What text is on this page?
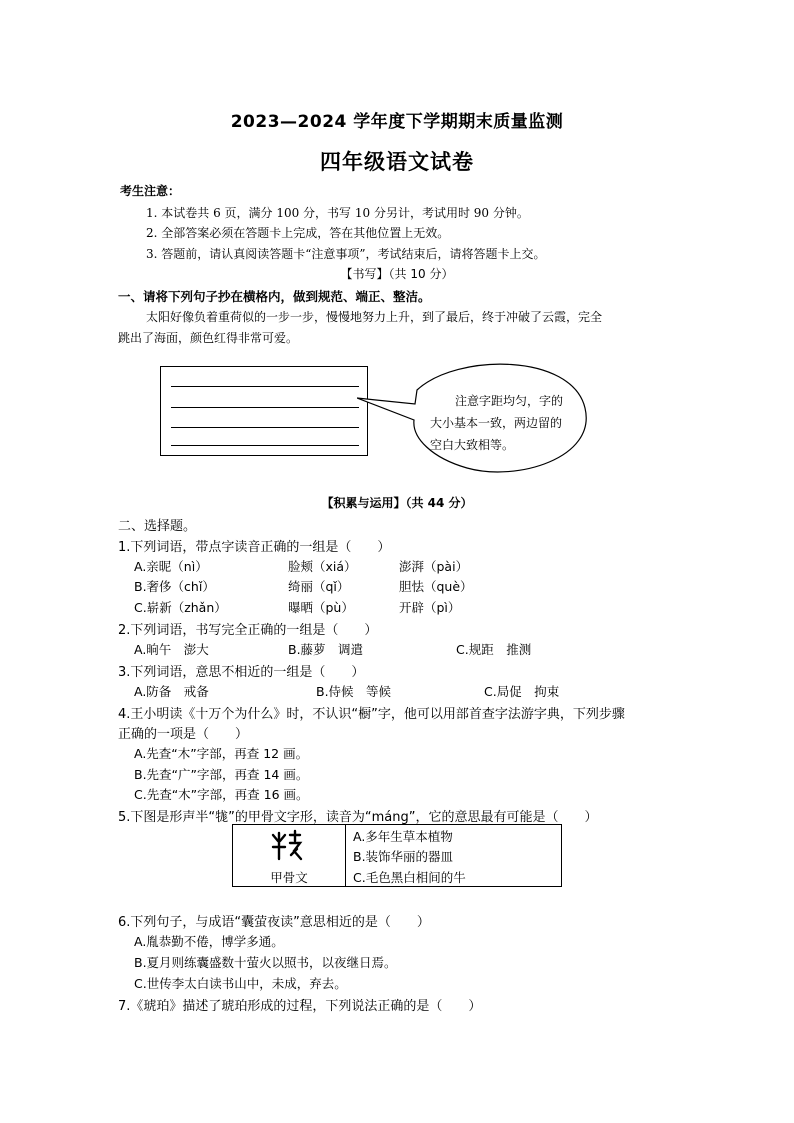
2023—2024 学年度下学期期末质量监测
四年级语文试卷
考生注意：
1. 本试卷共 6 页，满分 100 分，书写 10 分另计，考试用时 90 分钟。
2. 全部答案必须在答题卡上完成，答在其他位置上无效。
3. 答题前，请认真阅读答题卡“注意事项”，考试结束后，请将答题卡上交。
【书写】（共 10 分）
一、请将下列句子抄在横格内，做到规范、端正、整洁。
太阳好像负着重荷似的一步一步，慢慢地努力上升，到了最后，终于冲破了云霞，完全
跳出了海面，颜色红得非常可爱。
注意字距均匀，字的
大小基本一致，两边留的
空白大致相等。
【积累与运用】（共 44 分）
二、选择题。
1.下列词语，带点字读音正确的一组是（　　）
A.亲昵（nì）	脸颊（xiá）	澎湃（pài）
B.奢侈（chǐ）	绮丽（qǐ）	胆怯（què）
C.崭新（zhǎn）	曝晒（pù）	开辟（pì）
2.下列词语，书写完全正确的一组是（　　）
A.晌午　澎大	B.藤萝　调遣	C.规距　推测
3.下列词语，意思不相近的一组是（　　）
A.防备　戒备	B.侍候　等候	C.局促　拘束
4.王小明读《十万个为什么》时，不认识“橱”字，他可以用部首查字法游字典，下列步骤
正确的一项是（　　）
A.先查“木”字部，再查 12 画。
B.先查“广”字部，再查 14 画。
C.先查“木”字部，再查 16 画。
5.下图是形声半“牻”的甲骨文字形，读音为“máng”，它的意思最有可能是（　　）
甲骨文
A.多年生草本植物
B.装饰华丽的器皿
C.毛色黑白相间的牛
6.下列句子，与成语“囊萤夜读”意思相近的是（　　）
A.胤恭勤不倦，博学多通。
B.夏月则练囊盛数十萤火以照书，以夜继日焉。
C.世传李太白读书山中，未成，弃去。
7.《琥珀》描述了琥珀形成的过程，下列说法正确的是（　　）
